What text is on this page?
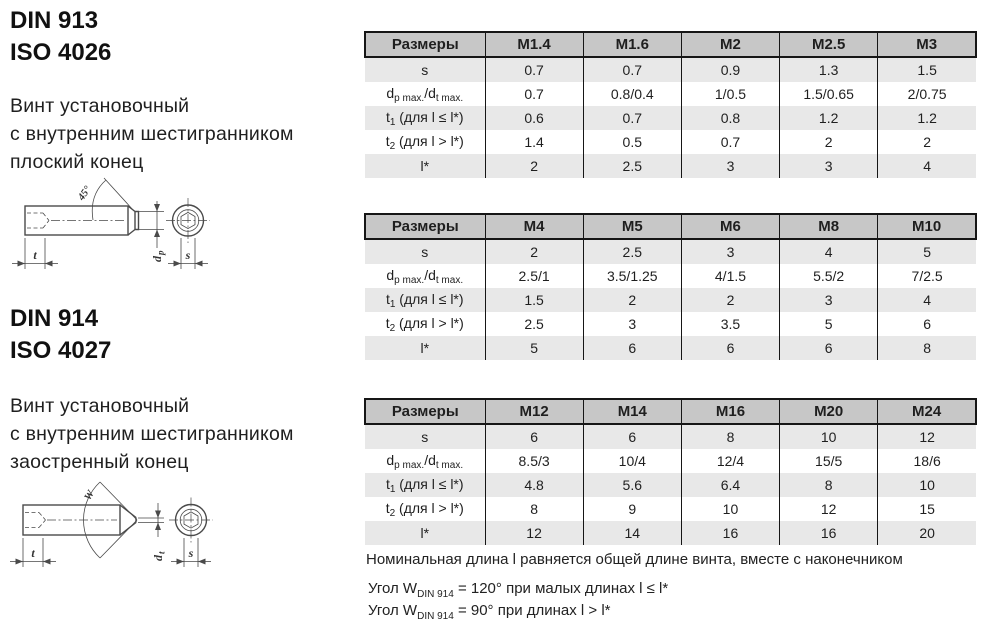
DIN 913
ISO 4026
Винт установочный
с внутренним шестигранником
плоский конец
45°
d
p
t	s
DIN 914
ISO 4027
Винт установочный
с внутренним шестигранником
заостренный конец
W
d
t
t	s
Размеры	M1.4	M1.6	M2	M2.5	M3
s	0.7	0.7	0.9	1.3	1.5
$d_{p max.}/d_{t max.}$	0.7	0.8/0.4	1/0.5	1.5/0.65	2/0.75
$t_1$ (для l ≤ l*)	0.6	0.7	0.8	1.2	1.2
$t_2$ (для l > l*)	1.4	0.5	0.7	2	2
l*	2	2.5	3	3	4
Размеры	M4	M5	M6	M8	M10
s	2	2.5	3	4	5
$d_{p max.}/d_{t max.}$	2.5/1	3.5/1.25	4/1.5	5.5/2	7/2.5
$t_1$ (для l ≤ l*)	1.5	2	2	3	4
$t_2$ (для l > l*)	2.5	3	3.5	5	6
l*	5	6	6	6	8
Размеры	M12	M14	M16	M20	M24
s	6	6	8	10	12
$d_{p max.}/d_{t max.}$	8.5/3	10/4	12/4	15/5	18/6
$t_1$ (для l ≤ l*)	4.8	5.6	6.4	8	10
$t_2$ (для l > l*)	8	9	10	12	15
l*	12	14	16	16	20
Номинальная длина l равняется общей длине винта, вместе с наконечником
Угол $W_{DIN 914} = 120^\circ$ при малых длинах l ≤ l*
Угол $W_{DIN 914} = 90^\circ$ при длинах l > l*
